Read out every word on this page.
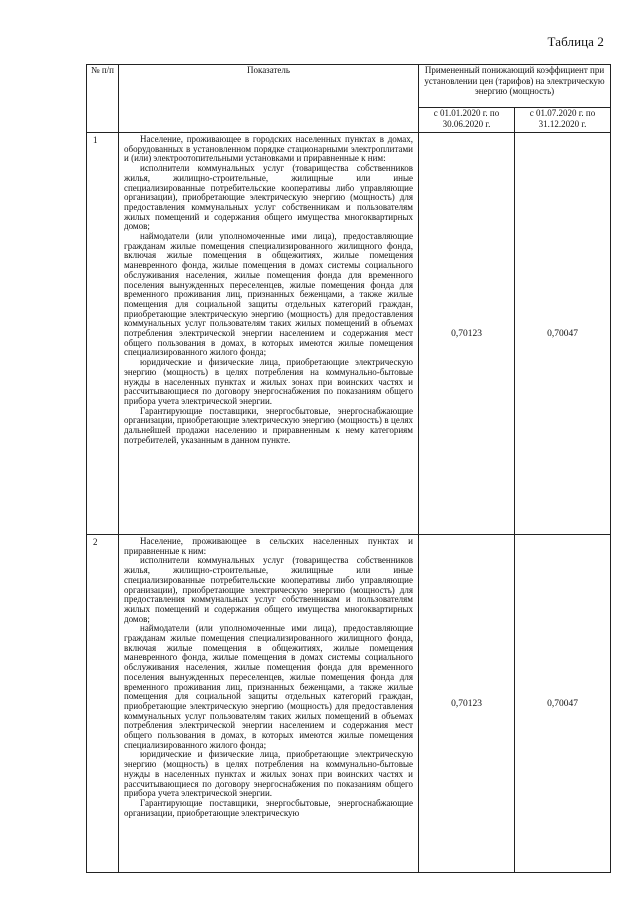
Таблица 2
№ п/п	Показатель	Примененный понижающий коэффициент при установлении цен (тарифов) на электрическую энергию (мощность)	
		с 01.01.2020 г. по 30.06.2020 г.	с 01.07.2020 г. по 31.12.2020 г.
1	Население, проживающее в городских населенных пунктах в домах, оборудованных в установленном порядке стационарными электроплитами и (или) электроотопительными установками и приравненные к ним:

исполнители коммунальных услуг (товарищества собственников жилья, жилищно-строительные, жилищные или иные специализированные потребительские кооперативы либо управляющие организации), приобретающие электрическую энергию (мощность) для предоставления коммунальных услуг собственникам и пользователям жилых помещений и содержания общего имущества многоквартирных домов;

наймодатели (или уполномоченные ими лица), предоставляющие гражданам жилые помещения специализированного жилищного фонда, включая жилые помещения в общежитиях, жилые помещения маневренного фонда, жилые помещения в домах системы социального обслуживания населения, жилые помещения фонда для временного поселения вынужденных переселенцев, жилые помещения фонда для временного проживания лиц, признанных беженцами, а также жилые помещения для социальной защиты отдельных категорий граждан, приобретающие электрическую энергию (мощность) для предоставления коммунальных услуг пользователям таких жилых помещений в объемах потребления электрической энергии населением и содержания мест общего пользования в домах, в которых имеются жилые помещения специализированного жилого фонда;

юридические и физические лица, приобретающие электрическую энергию (мощность) в целях потребления на коммунально-бытовые нужды в населенных пунктах и жилых зонах при воинских частях и рассчитывающиеся по договору энергоснабжения по показаниям общего прибора учета электрической энергии.

Гарантирующие поставщики, энергосбытовые, энергоснабжающие организации, приобретающие электрическую энергию (мощность) в целях дальнейшей продажи населению и приравненным к нему категориям потребителей, указанным в данном пункте.	0,70123	0,70047
2	Население, проживающее в сельских населенных пунктах и приравненные к ним:

исполнители коммунальных услуг (товарищества собственников жилья, жилищно-строительные, жилищные или иные специализированные потребительские кооперативы либо управляющие организации), приобретающие электрическую энергию (мощность) для предоставления коммунальных услуг собственникам и пользователям жилых помещений и содержания общего имущества многоквартирных домов;

наймодатели (или уполномоченные ими лица), предоставляющие гражданам жилые помещения специализированного жилищного фонда, включая жилые помещения в общежитиях, жилые помещения маневренного фонда, жилые помещения в домах системы социального обслуживания населения, жилые помещения фонда для временного поселения вынужденных переселенцев, жилые помещения фонда для временного проживания лиц, признанных беженцами, а также жилые помещения для социальной защиты отдельных категорий граждан, приобретающие электрическую энергию (мощность) для предоставления коммунальных услуг пользователям таких жилых помещений в объемах потребления электрической энергии населением и содержания мест общего пользования в домах, в которых имеются жилые помещения специализированного жилого фонда;

юридические и физические лица, приобретающие электрическую энергию (мощность) в целях потребления на коммунально-бытовые нужды в населенных пунктах и жилых зонах при воинских частях и рассчитывающиеся по договору энергоснабжения по показаниям общего прибора учета электрической энергии.

Гарантирующие поставщики, энергосбытовые, энергоснабжающие организации, приобретающие электрическую	0,70123	0,70047
